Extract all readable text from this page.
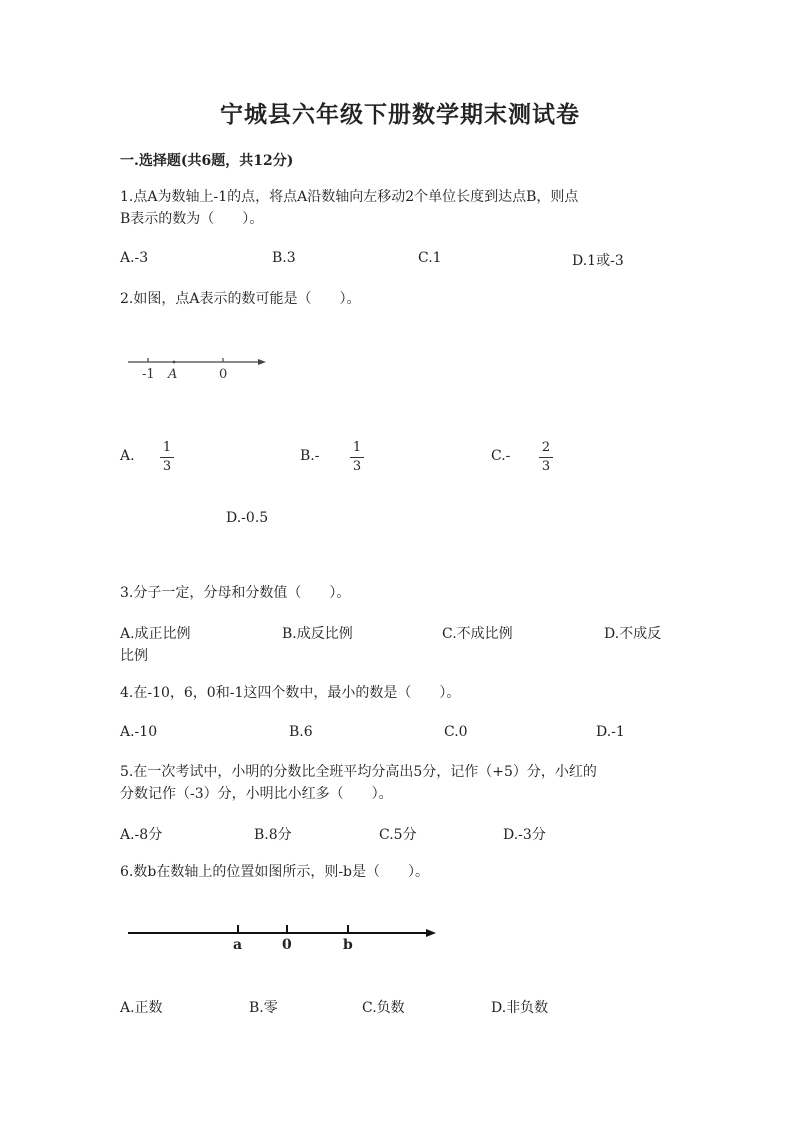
宁城县六年级下册数学期末测试卷
一.选择题(共6题，共12分)
1.点A为数轴上-1的点，将点A沿数轴向左移动2个单位长度到达点B，则点
B表示的数为（　　）。
A.-3	B.3	C.1	D.1或-3
2.如图，点A表示的数可能是（　　）。
-1 A	0
A.
1
3
B.-
1
3
C.-
2
3
D.-0.5
3.分子一定，分母和分数值（　　）。
A.成正比例	B.成反比例	C.不成比例	D.不成反
比例
4.在-10，6，0和-1这四个数中，最小的数是（　　）。
A.-10	B.6	C.0	D.-1
5.在一次考试中，小明的分数比全班平均分高出5分，记作（+5）分，小红的
分数记作（-3）分，小明比小红多（　　）。
A.-8分	B.8分	C.5分	D.-3分
6.数b在数轴上的位置如图所示，则-b是（　　）。
a	0	b
A.正数	B.零	C.负数	D.非负数
